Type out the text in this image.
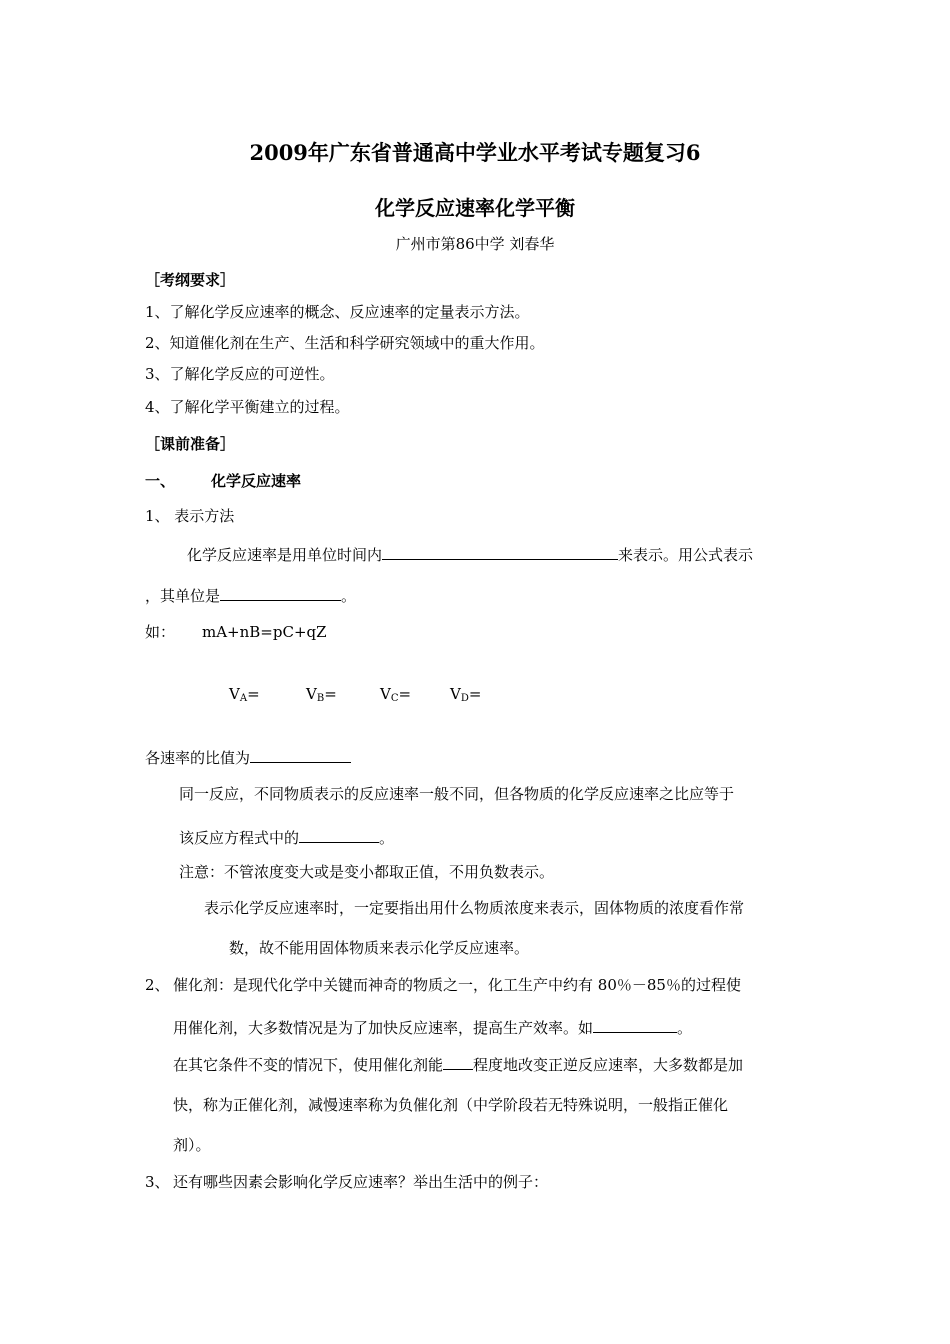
2009年广东省普通高中学业水平考试专题复习6
化学反应速率化学平衡
广州市第86中学 刘春华
［考纲要求］
1、了解化学反应速率的概念、反应速率的定量表示方法。
2、知道催化剂在生产、生活和科学研究领域中的重大作用。
3、了解化学反应的可逆性。
4、了解化学平衡建立的过程。
［课前准备］
一、 化学反应速率
1、 表示方法
化学反应速率是用单位时间内	来表示。用公式表示
，其单位是	。
如： mA+nB=pC+qZ
$V_A=$	$V_B=$	$V_C=$	$V_D=$
各速率的比值为
同一反应，不同物质表示的反应速率一般不同，但各物质的化学反应速率之比应等于
该反应方程式中的	。
注意：不管浓度变大或是变小都取正值，不用负数表示。
表示化学反应速率时，一定要指出用什么物质浓度来表示，固体物质的浓度看作常
数，故不能用固体物质来表示化学反应速率。
2、 催化剂：是现代化学中关键而神奇的物质之一，化工生产中约有 80％－85％的过程使
用催化剂，大多数情况是为了加快反应速率，提高生产效率。如	。
在其它条件不变的情况下，使用催化剂能 程度地改变正逆反应速率，大多数都是加
快，称为正催化剂，减慢速率称为负催化剂（中学阶段若无特殊说明，一般指正催化
剂）。
3、 还有哪些因素会影响化学反应速率？举出生活中的例子：
